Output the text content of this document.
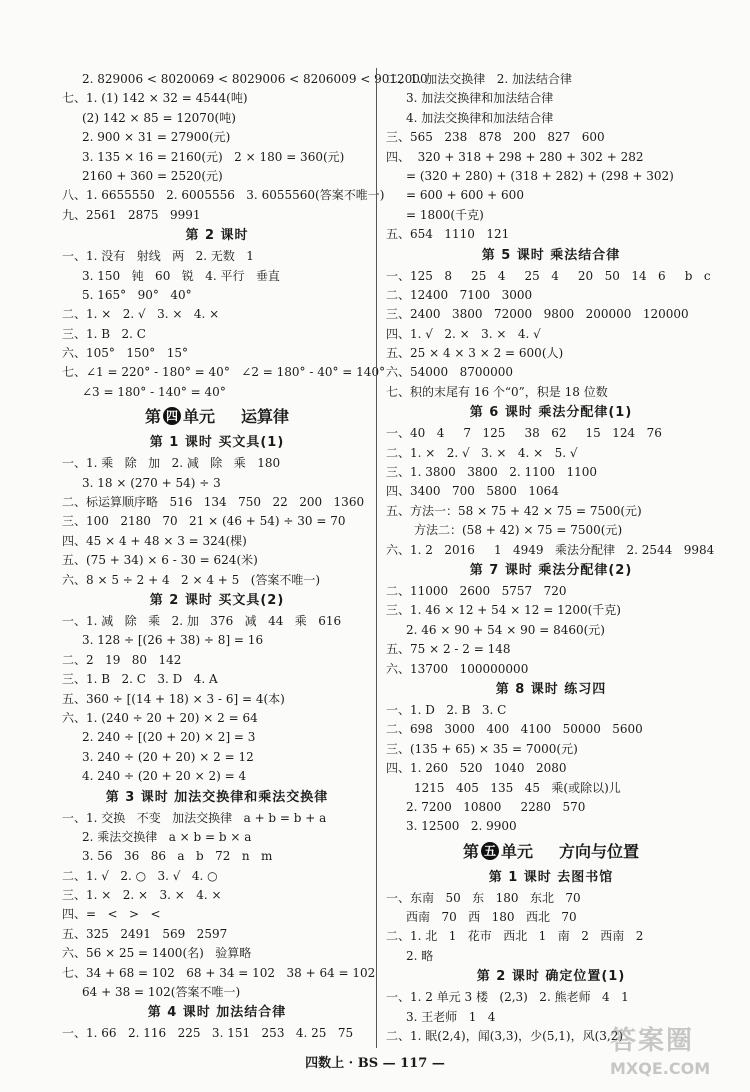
2. 829006 < 8020069 < 8029006 < 8206009 < 9012000
七、1. (1) 142 × 32 = 4544(吨)
(2) 142 × 85 = 12070(吨)
2. 900 × 31 = 27900(元)
3. 135 × 16 = 2160(元)   2 × 180 = 360(元)
2160 + 360 = 2520(元)
八、1. 6655550   2. 6005556   3. 6055560(答案不唯一)
九、2561   2875   9991
第 2 课时
一、1. 没有   射线   两   2. 无数   1
3. 150   钝   60   锐   4. 平行   垂直
5. 165°   90°   40°
二、1. ×   2. √   3. ×   4. ×
三、1. B   2. C
六、105°   150°   15°
七、∠1 = 220° - 180° = 40°   ∠2 = 180° - 40° = 140°
∠3 = 180° - 140° = 40°
第 四 单元 运算律
第 1 课时 买文具(1)
一、1. 乘   除   加   2. 减   除   乘   180
3. 18 × (270 + 54) ÷ 3
二、标运算顺序略   516   134   750   22   200   1360
三、100   2180   70   21 × (46 + 54) ÷ 30 = 70
四、45 × 4 + 48 × 3 = 324(棵)
五、(75 + 34) × 6 - 30 = 624(米)
六、8 × 5 ÷ 2 + 4   2 × 4 + 5   (答案不唯一)
第 2 课时 买文具(2)
一、1. 减   除   乘   2. 加   376   减   44   乘   616
3. 128 ÷ [(26 + 38) ÷ 8] = 16
二、2   19   80   142
三、1. B   2. C   3. D   4. A
五、360 ÷ [(14 + 18) × 3 - 6] = 4(本)
六、1. (240 ÷ 20 + 20) × 2 = 64
2. 240 ÷ [(20 + 20) × 2] = 3
3. 240 ÷ (20 + 20) × 2 = 12
4. 240 ÷ (20 + 20 × 2) = 4
第 3 课时 加法交换律和乘法交换律
一、1. 交换   不变   加法交换律   a + b = b + a
2. 乘法交换律   a × b = b × a
3. 56   36   86   a   b   72   n   m
二、1. √   2. ○   3. √   4. ○
三、1. ×   2. ×   3. ×   4. ×
四、=   <   >   <
五、325   2491   569   2597
六、56 × 25 = 1400(名)   验算略
七、34 + 68 = 102   68 + 34 = 102   38 + 64 = 102
64 + 38 = 102(答案不唯一)
第 4 课时 加法结合律
一、1. 66   2. 116   225   3. 151   253   4. 25   75
二、1. 加法交换律   2. 加法结合律
3. 加法交换律和加法结合律
4. 加法交换律和加法结合律
三、565   238   878   200   827   600
四、  320 + 318 + 298 + 280 + 302 + 282
= (320 + 280) + (318 + 282) + (298 + 302)
= 600 + 600 + 600
= 1800(千克)
五、654   1110   121
第 5 课时 乘法结合律
一、125   8     25   4     25   4     20   50   14   6     b   c
二、12400   7100   3000
三、2400   3800   72000   9800   200000   120000
四、1. √   2. ×   3. ×   4. √
五、25 × 4 × 3 × 2 = 600(人)
六、54000   8700000
七、积的末尾有 16 个“0”，积是 18 位数
第 6 课时 乘法分配律(1)
一、40   4     7   125     38   62     15   124   76
二、1. ×   2. √   3. ×   4. ×   5. √
三、1. 3800   3800   2. 1100   1100
四、3400   700   5800   1064
五、方法一：58 × 75 + 42 × 75 = 7500(元)
方法二：(58 + 42) × 75 = 7500(元)
六、1. 2   2016     1   4949   乘法分配律   2. 2544   9984
第 7 课时 乘法分配律(2)
二、11000   2600   5757   720
三、1. 46 × 12 + 54 × 12 = 1200(千克)
2. 46 × 90 + 54 × 90 = 8460(元)
五、75 × 2 - 2 = 148
六、13700   100000000
第 8 课时 练习四
一、1. D   2. B   3. C
二、698   3000   400   4100   50000   5600
三、(135 + 65) × 35 = 7000(元)
四、1. 260   520   1040   2080
1215   405   135   45   乘(或除以)儿
2. 7200   10800     2280   570
3. 12500   2. 9900
第 五 单元 方向与位置
第 1 课时 去图书馆
一、东南   50   东   180   东北   70
西南   70   西   180   西北   70
二、1. 北   1   花市   西北   1   南   2   西南   2
2. 略
第 2 课时 确定位置(1)
一、1. 2 单元 3 楼   (2,3)   2. 熊老师   4   1
3. 王老师   1   4
二、1. 眠(2,4)，闻(3,3)，少(5,1)，风(3,2)
四数上 · BS — 117 —
答案圈
MXQE.COM
